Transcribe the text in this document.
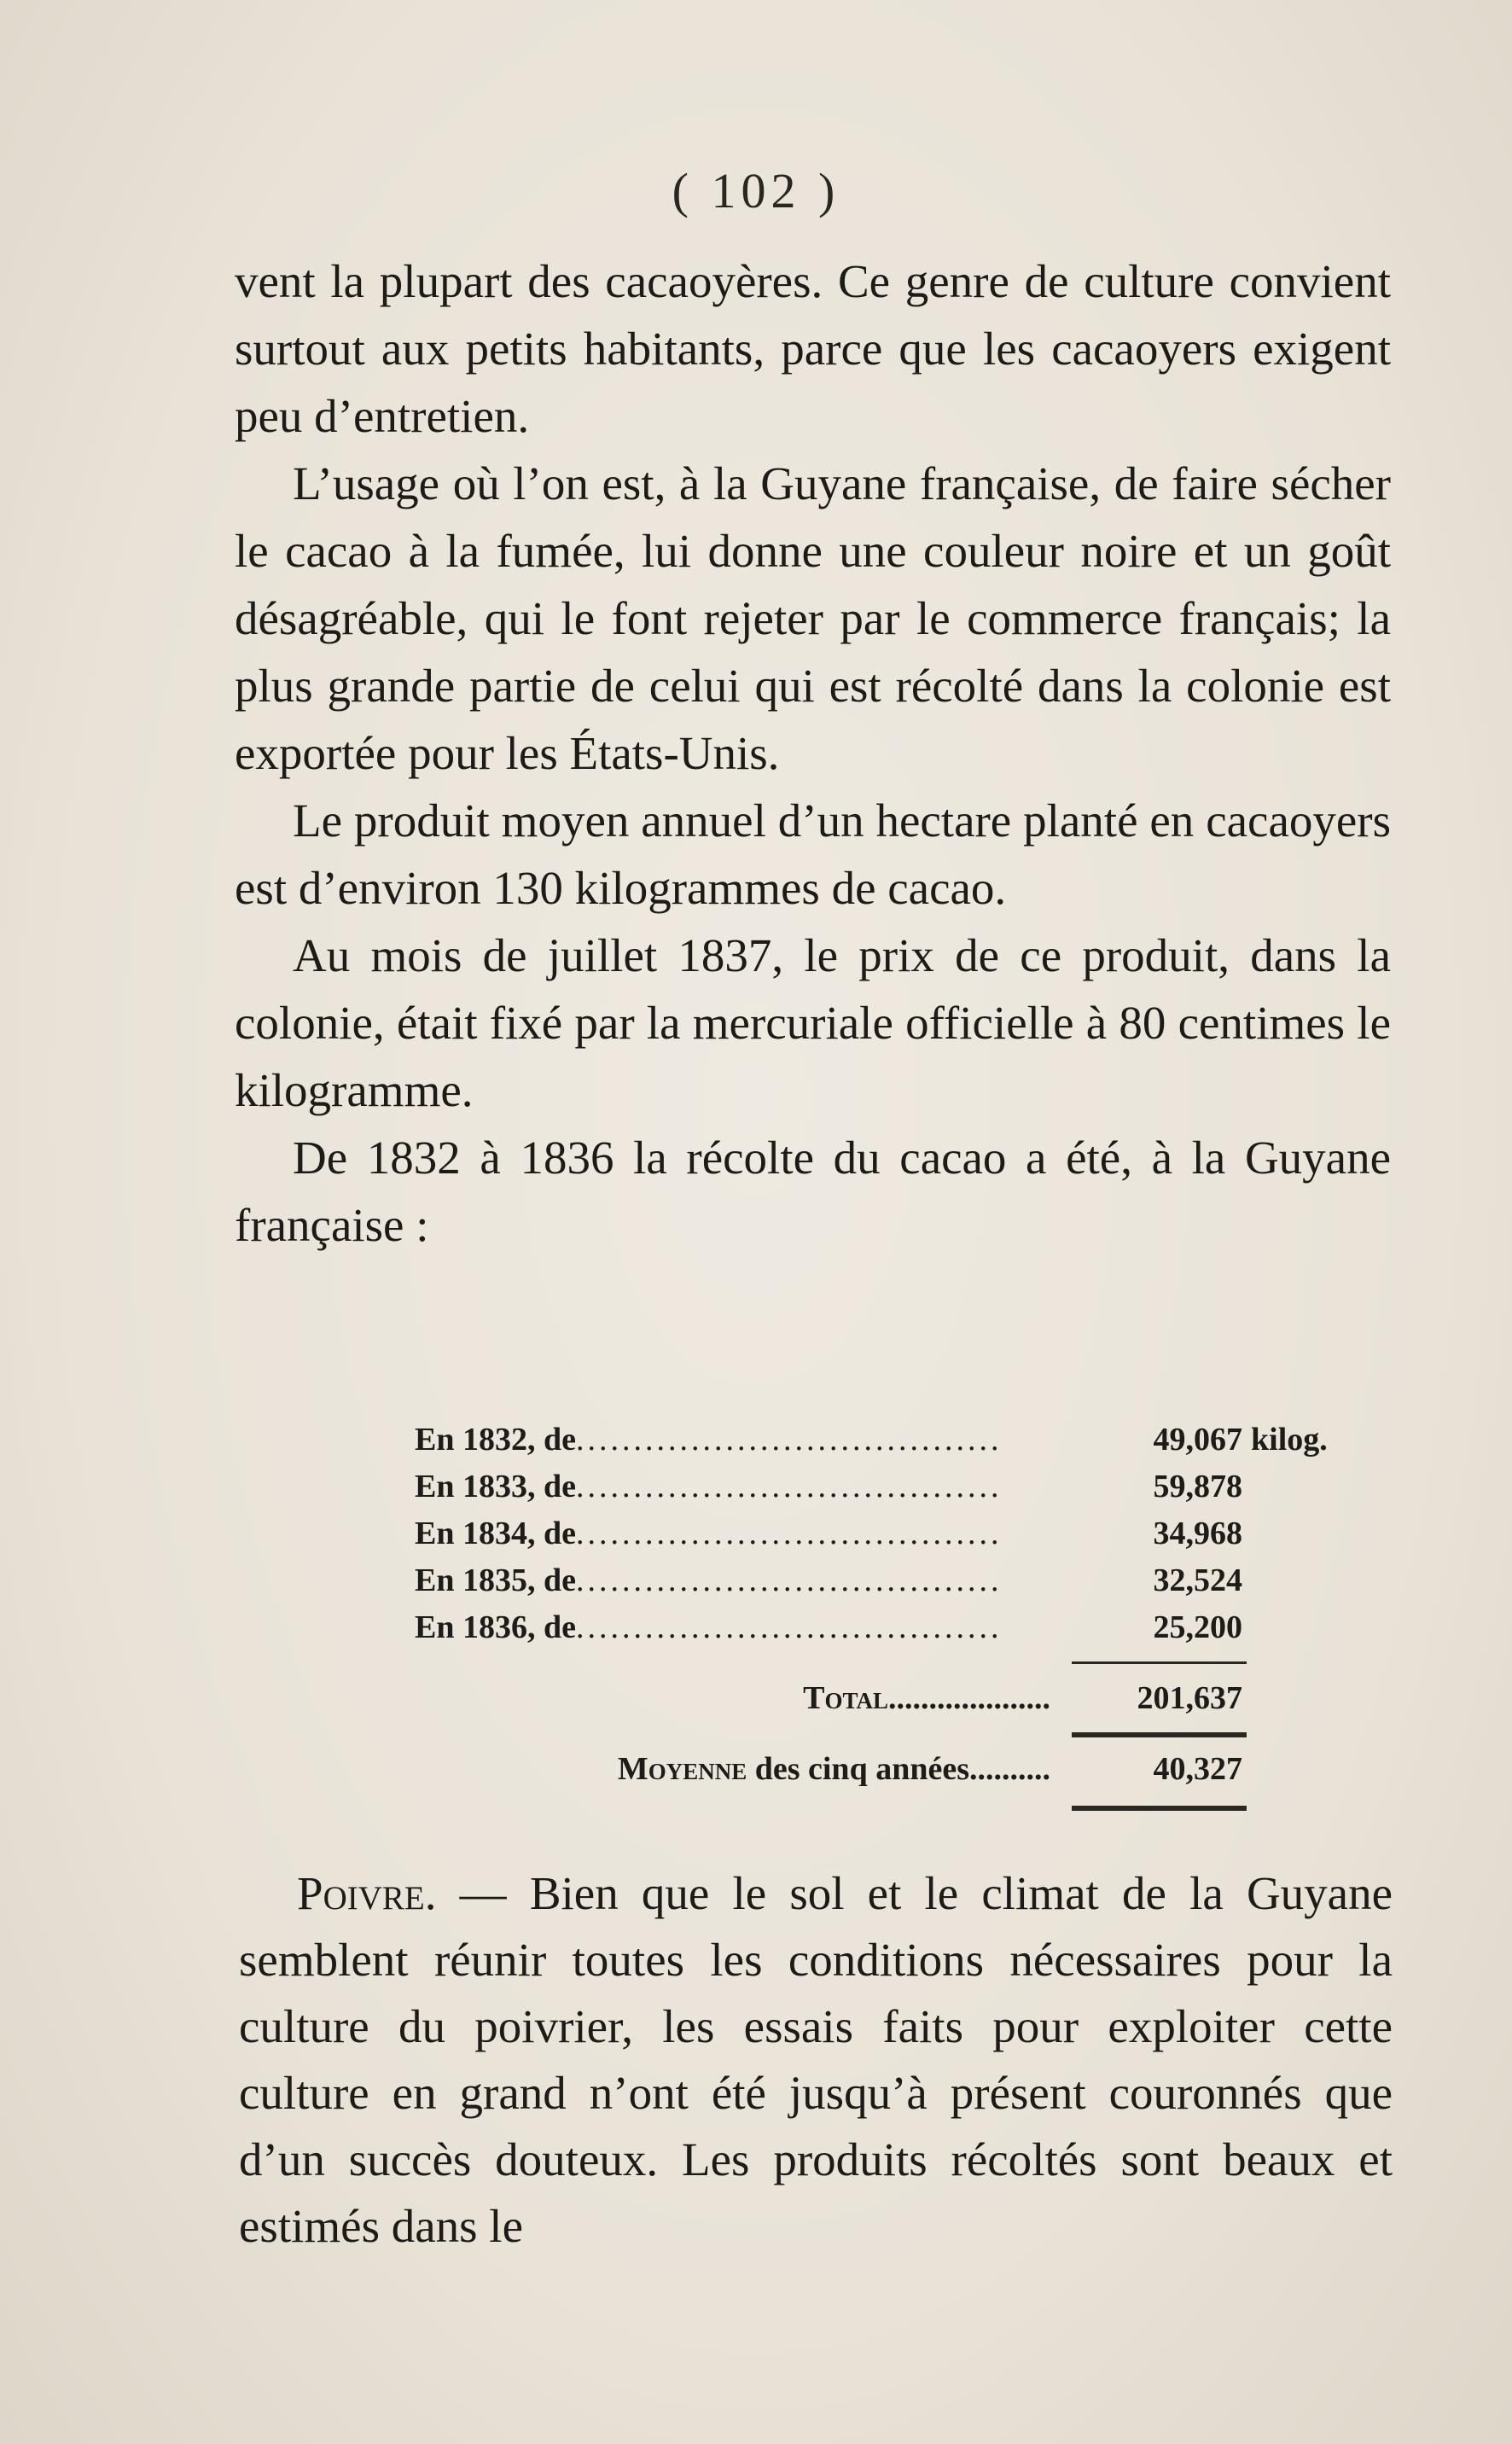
( 102 )

vent la plupart des cacaoyères. Ce genre de culture convient surtout aux petits habitants, parce que les cacaoyers exigent peu d’entretien.

L’usage où l’on est, à la Guyane française, de faire sécher le cacao à la fumée, lui donne une couleur noire et un goût désagréable, qui le font rejeter par le commerce français; la plus grande partie de celui qui est récolté dans la colonie est exportée pour les États-Unis.

Le produit moyen annuel d’un hectare planté en cacaoyers est d’environ 130 kilogrammes de cacao.

Au mois de juillet 1837, le prix de ce produit, dans la colonie, était fixé par la mercuriale officielle à 80 centimes le kilogramme.

De 1832 à 1836 la récolte du cacao a été, à la Guyane française :

En 1832, de.....................................	49,067 kilog.
En 1833, de.....................................	59,878
En 1834, de.....................................	34,968
En 1835, de.....................................	32,524
En 1836, de.....................................	25,200
Total....................	201,637
Moyenne des cinq années..........	40,327

Poivre. — Bien que le sol et le climat de la Guyane semblent réunir toutes les conditions nécessaires pour la culture du poivrier, les essais faits pour exploiter cette culture en grand n’ont été jusqu’à présent couronnés que d’un succès douteux. Les produits récoltés sont beaux et estimés dans le
